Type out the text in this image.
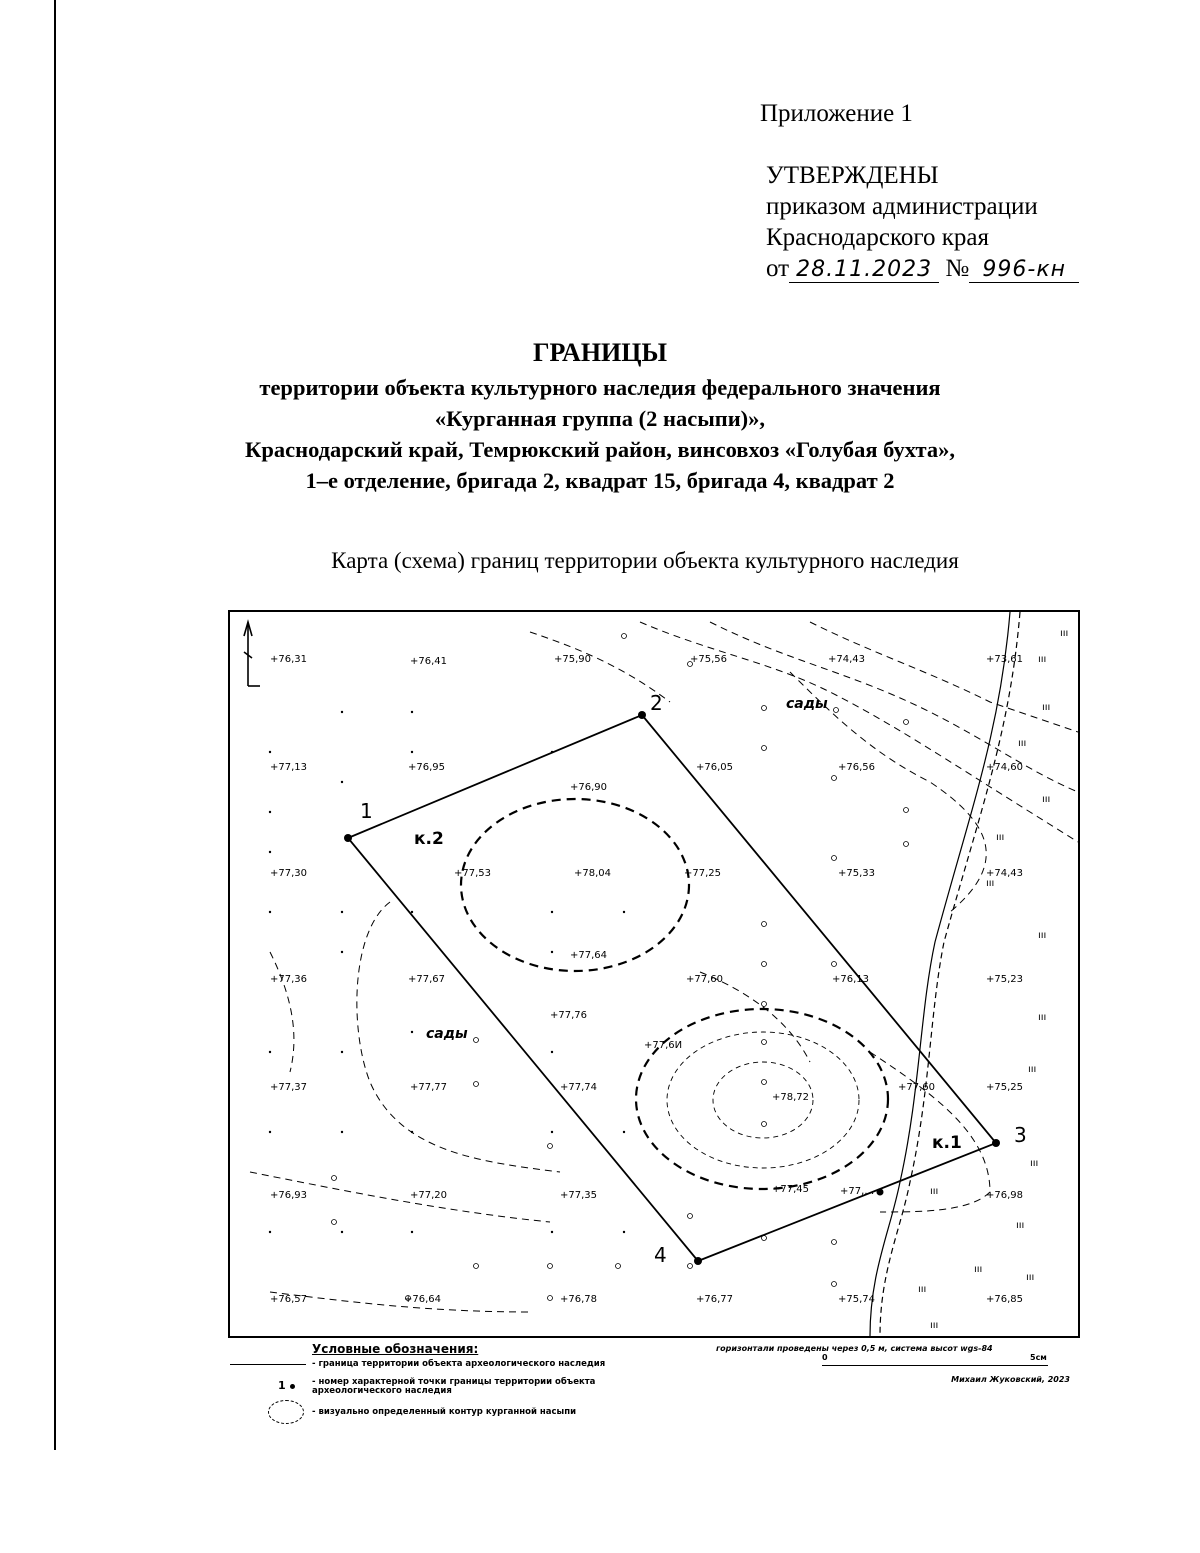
Приложение 1
УТВЕРЖДЕНЫ
приказом администрации
Краснодарского края
от 28.11.2023 № 996-кн
ГРАНИЦЫ
территории объекта культурного наследия федерального значения
«Курганная группа (2 насыпи)»,
Краснодарский край, Темрюкский район, винсовхоз «Голубая бухта»,
1–е отделение, бригада 2, квадрат 15, бригада 4, квадрат 2
Карта (схема) границ территории объекта культурного наследия
ııı
ııı
ııı
ııı
ııı
ııı
ııı
ııı
ııı
ııı
ııı
ııı
ııı
ııı
ııı
ııı
ııı
1
2
3
4
к.2
к.1
сады
сады
+76,31	+76,41	+75,90	+75,56	+74,43	+73,61
+77,13	+76,95
+76,90
+76,05	+76,56	+74,60
+77,30	+77,53	+78,04	+77,25	+75,33	+74,43
+77,36	+77,67
+77,64
+77,60	+76,13	+75,23
+77,76
+77,6И
+77,37	+77,77	+77,74
+78,72
+77,60	+75,25
+76,93	+77,20	+77,35
+77,45	+77,…	+76,98
+76,57	+76,64	+76,78	+76,77	+75,74	+76,85
Условные обозначения:
- граница территории объекта археологического наследия
1	- номер характерной точки границы территории объекта археологического наследия
- визуально определенный контур курганной насыпи
горизонтали проведены через 0,5 м, система высот wgs-84
0	5см
Михаил Жуковский, 2023
